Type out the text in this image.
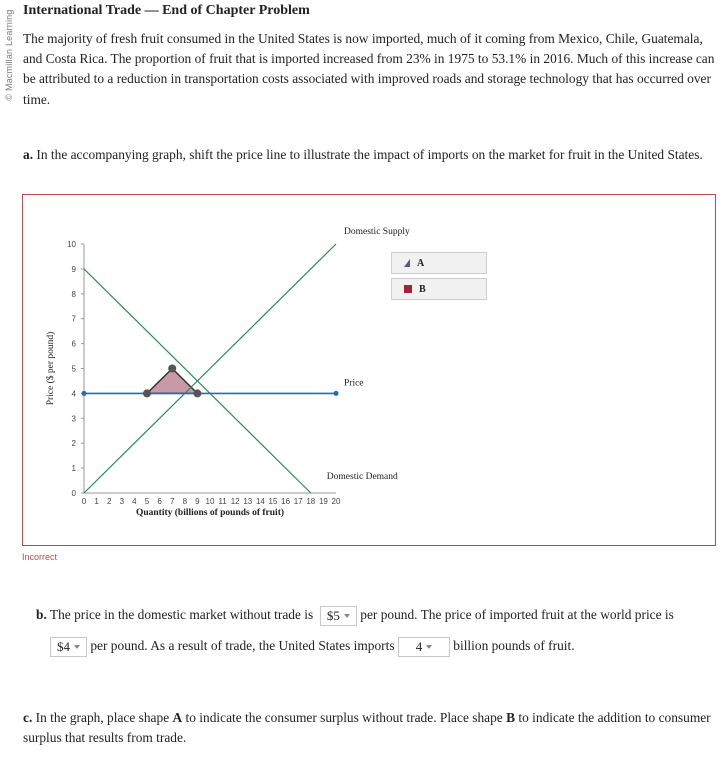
© Macmillan Learning International Trade — End of Chapter Problem
The majority of fresh fruit consumed in the United States is now imported, much of it coming from Mexico, Chile, Guatemala, and Costa Rica. The proportion of fruit that is imported increased from 23% in 1975 to 53.1% in 2016. Much of this increase can be attributed to a reduction in transportation costs associated with improved roads and storage technology that has occurred over time.
a. In the accompanying graph, shift the price line to illustrate the impact of imports on the market for fruit in the United States.
0
1
2
3
4
5
6
7
8
9
10
0 1 2 3 4 5 6 7 8 9 10 11 12 13 14 15 16 17 18 19 20
Price ($ per pound)
Quantity (billions of pounds of fruit)
Domestic Supply
Price
Domestic Demand
A
B
Incorrect
b. The price in the domestic market without trade is $5 per pound. The price of imported fruit at the world price is
$4 per pound. As a result of trade, the United States imports 4 billion pounds of fruit.
c. In the graph, place shape A to indicate the consumer surplus without trade. Place shape B to indicate the addition to consumer surplus that results from trade.
